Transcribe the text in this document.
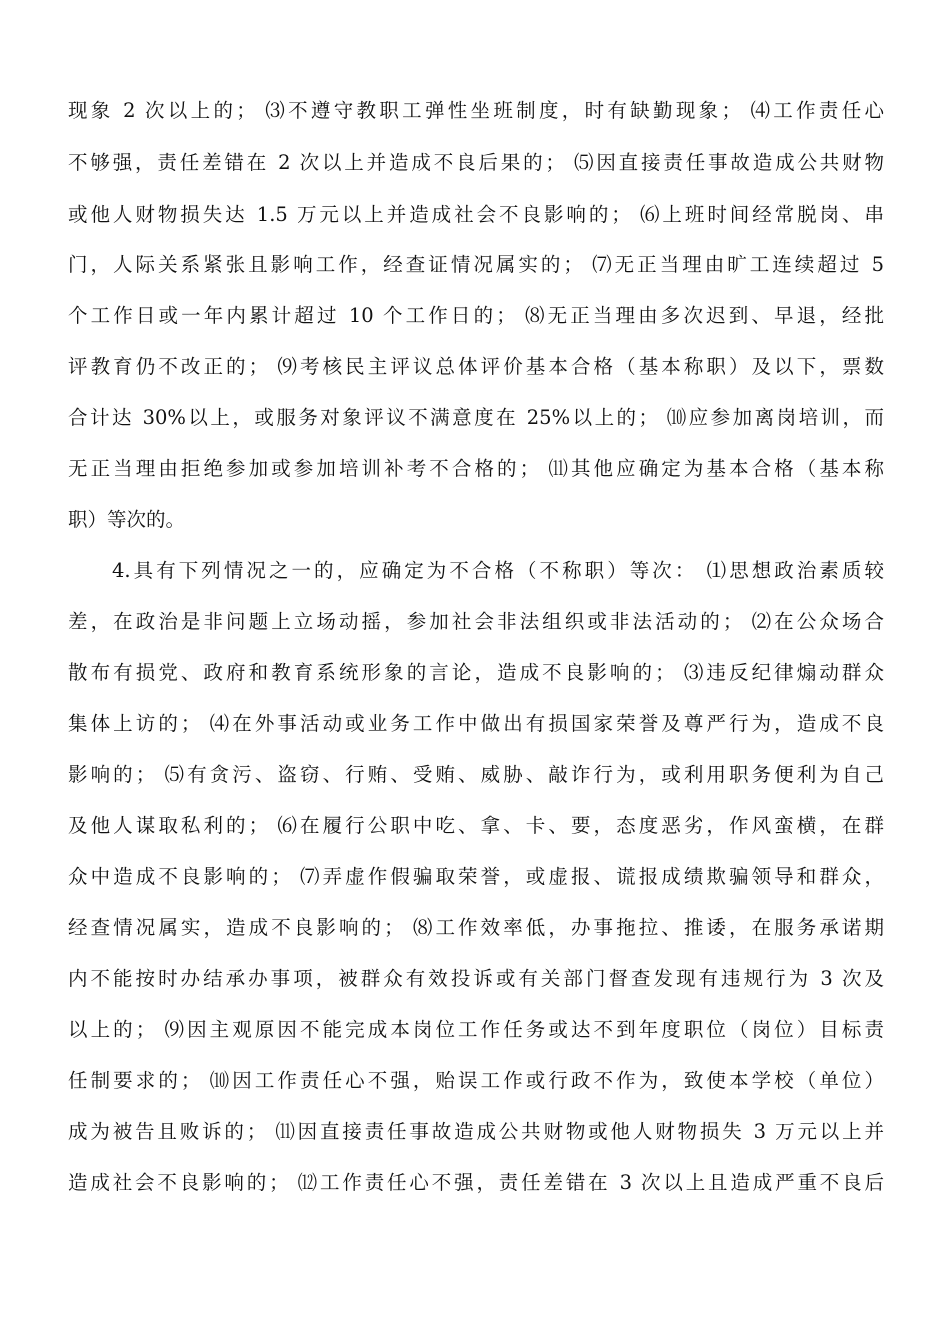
现象 2 次以上的； ⑶不遵守教职工弹性坐班制度，时有缺勤现象； ⑷工作责任心
不够强，责任差错在 2 次以上并造成不良后果的； ⑸因直接责任事故造成公共财物
或他人财物损失达 1.5 万元以上并造成社会不良影响的； ⑹上班时间经常脱岗、串
门，人际关系紧张且影响工作，经查证情况属实的； ⑺无正当理由旷工连续超过 5
个工作日或一年内累计超过 10 个工作日的； ⑻无正当理由多次迟到、早退，经批
评教育仍不改正的； ⑼考核民主评议总体评价基本合格（基本称职）及以下，票数
合计达 30%以上，或服务对象评议不满意度在 25%以上的； ⑽应参加离岗培训，而
无正当理由拒绝参加或参加培训补考不合格的； ⑾其他应确定为基本合格（基本称
职）等次的。
4.具有下列情况之一的，应确定为不合格（不称职）等次： ⑴思想政治素质较
差，在政治是非问题上立场动摇，参加社会非法组织或非法活动的； ⑵在公众场合
散布有损党、政府和教育系统形象的言论，造成不良影响的； ⑶违反纪律煽动群众
集体上访的； ⑷在外事活动或业务工作中做出有损国家荣誉及尊严行为，造成不良
影响的； ⑸有贪污、盗窃、行贿、受贿、威胁、敲诈行为，或利用职务便利为自己
及他人谋取私利的； ⑹在履行公职中吃、拿、卡、要，态度恶劣，作风蛮横，在群
众中造成不良影响的； ⑺弄虚作假骗取荣誉，或虚报、谎报成绩欺骗领导和群众，
经查情况属实，造成不良影响的； ⑻工作效率低，办事拖拉、推诿，在服务承诺期
内不能按时办结承办事项，被群众有效投诉或有关部门督查发现有违规行为 3 次及
以上的； ⑼因主观原因不能完成本岗位工作任务或达不到年度职位（岗位）目标责
任制要求的； ⑽因工作责任心不强，贻误工作或行政不作为，致使本学校（单位）
成为被告且败诉的； ⑾因直接责任事故造成公共财物或他人财物损失 3 万元以上并
造成社会不良影响的； ⑿工作责任心不强，责任差错在 3 次以上且造成严重不良后
